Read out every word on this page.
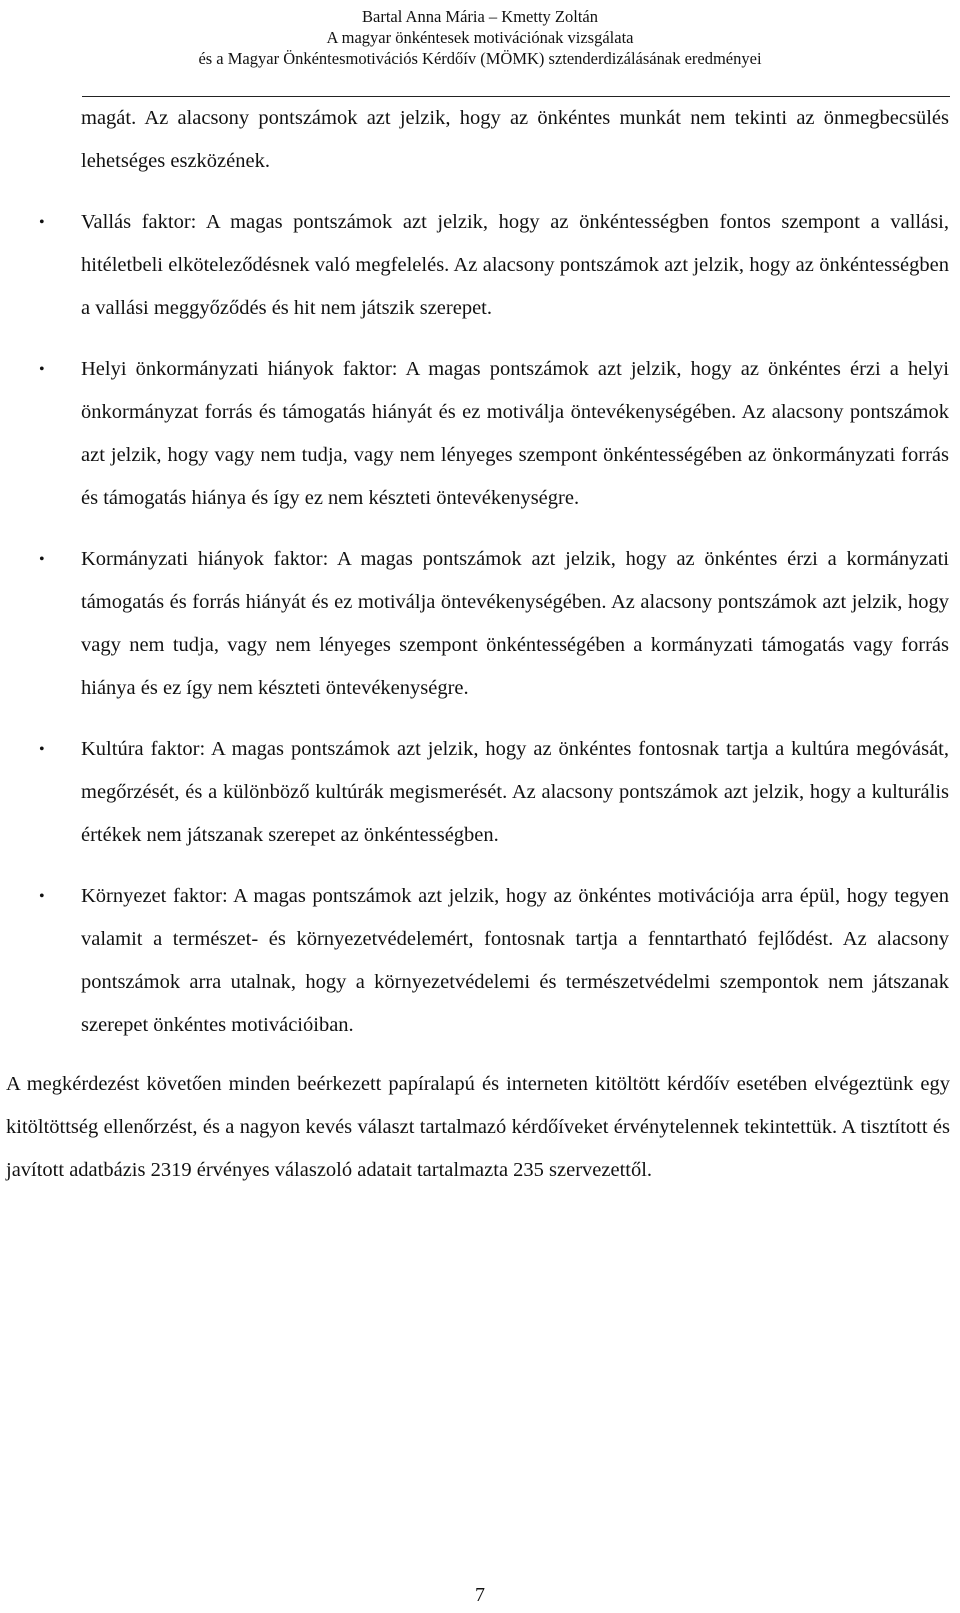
Bartal Anna Mária – Kmetty Zoltán
A magyar önkéntesek motivációnak vizsgálata
és a Magyar Önkéntesmotivációs Kérdőív (MÖMK) sztenderdizálásának eredményei

magát. Az alacsony pontszámok azt jelzik, hogy az önkéntes munkát nem tekinti az önmegbecsülés lehetséges eszközének.

• Vallás faktor: A magas pontszámok azt jelzik, hogy az önkéntességben fontos szempont a vallási, hitéletbeli elköteleződésnek való megfelelés. Az alacsony pontszámok azt jelzik, hogy az önkéntességben a vallási meggyőződés és hit nem játszik szerepet.
• Helyi önkormányzati hiányok faktor: A magas pontszámok azt jelzik, hogy az önkéntes érzi a helyi önkormányzat forrás és támogatás hiányát és ez motiválja öntevékenységében. Az alacsony pontszámok azt jelzik, hogy vagy nem tudja, vagy nem lényeges szempont önkéntességében az önkormányzati forrás és támogatás hiánya és így ez nem készteti öntevékenységre.
• Kormányzati hiányok faktor: A magas pontszámok azt jelzik, hogy az önkéntes érzi a kormányzati támogatás és forrás hiányát és ez motiválja öntevékenységében. Az alacsony pontszámok azt jelzik, hogy vagy nem tudja, vagy nem lényeges szempont önkéntességében a kormányzati támogatás vagy forrás hiánya és ez így nem készteti öntevékenységre.
• Kultúra faktor: A magas pontszámok azt jelzik, hogy az önkéntes fontosnak tartja a kultúra megóvását, megőrzését, és a különböző kultúrák megismerését. Az alacsony pontszámok azt jelzik, hogy a kulturális értékek nem játszanak szerepet az önkéntességben.
• Környezet faktor: A magas pontszámok azt jelzik, hogy az önkéntes motivációja arra épül, hogy tegyen valamit a természet- és környezetvédelemért, fontosnak tartja a fenntartható fejlődést. Az alacsony pontszámok arra utalnak, hogy a környezetvédelemi és természetvédelmi szempontok nem játszanak szerepet önkéntes motivációiban.

A megkérdezést követően minden beérkezett papíralapú és interneten kitöltött kérdőív esetében elvégeztünk egy kitöltöttség ellenőrzést, és a nagyon kevés választ tartalmazó kérdőíveket érvénytelennek tekintettük. A tisztított és javított adatbázis 2319 érvényes válaszoló adatait tartalmazta 235 szervezettől.

7
